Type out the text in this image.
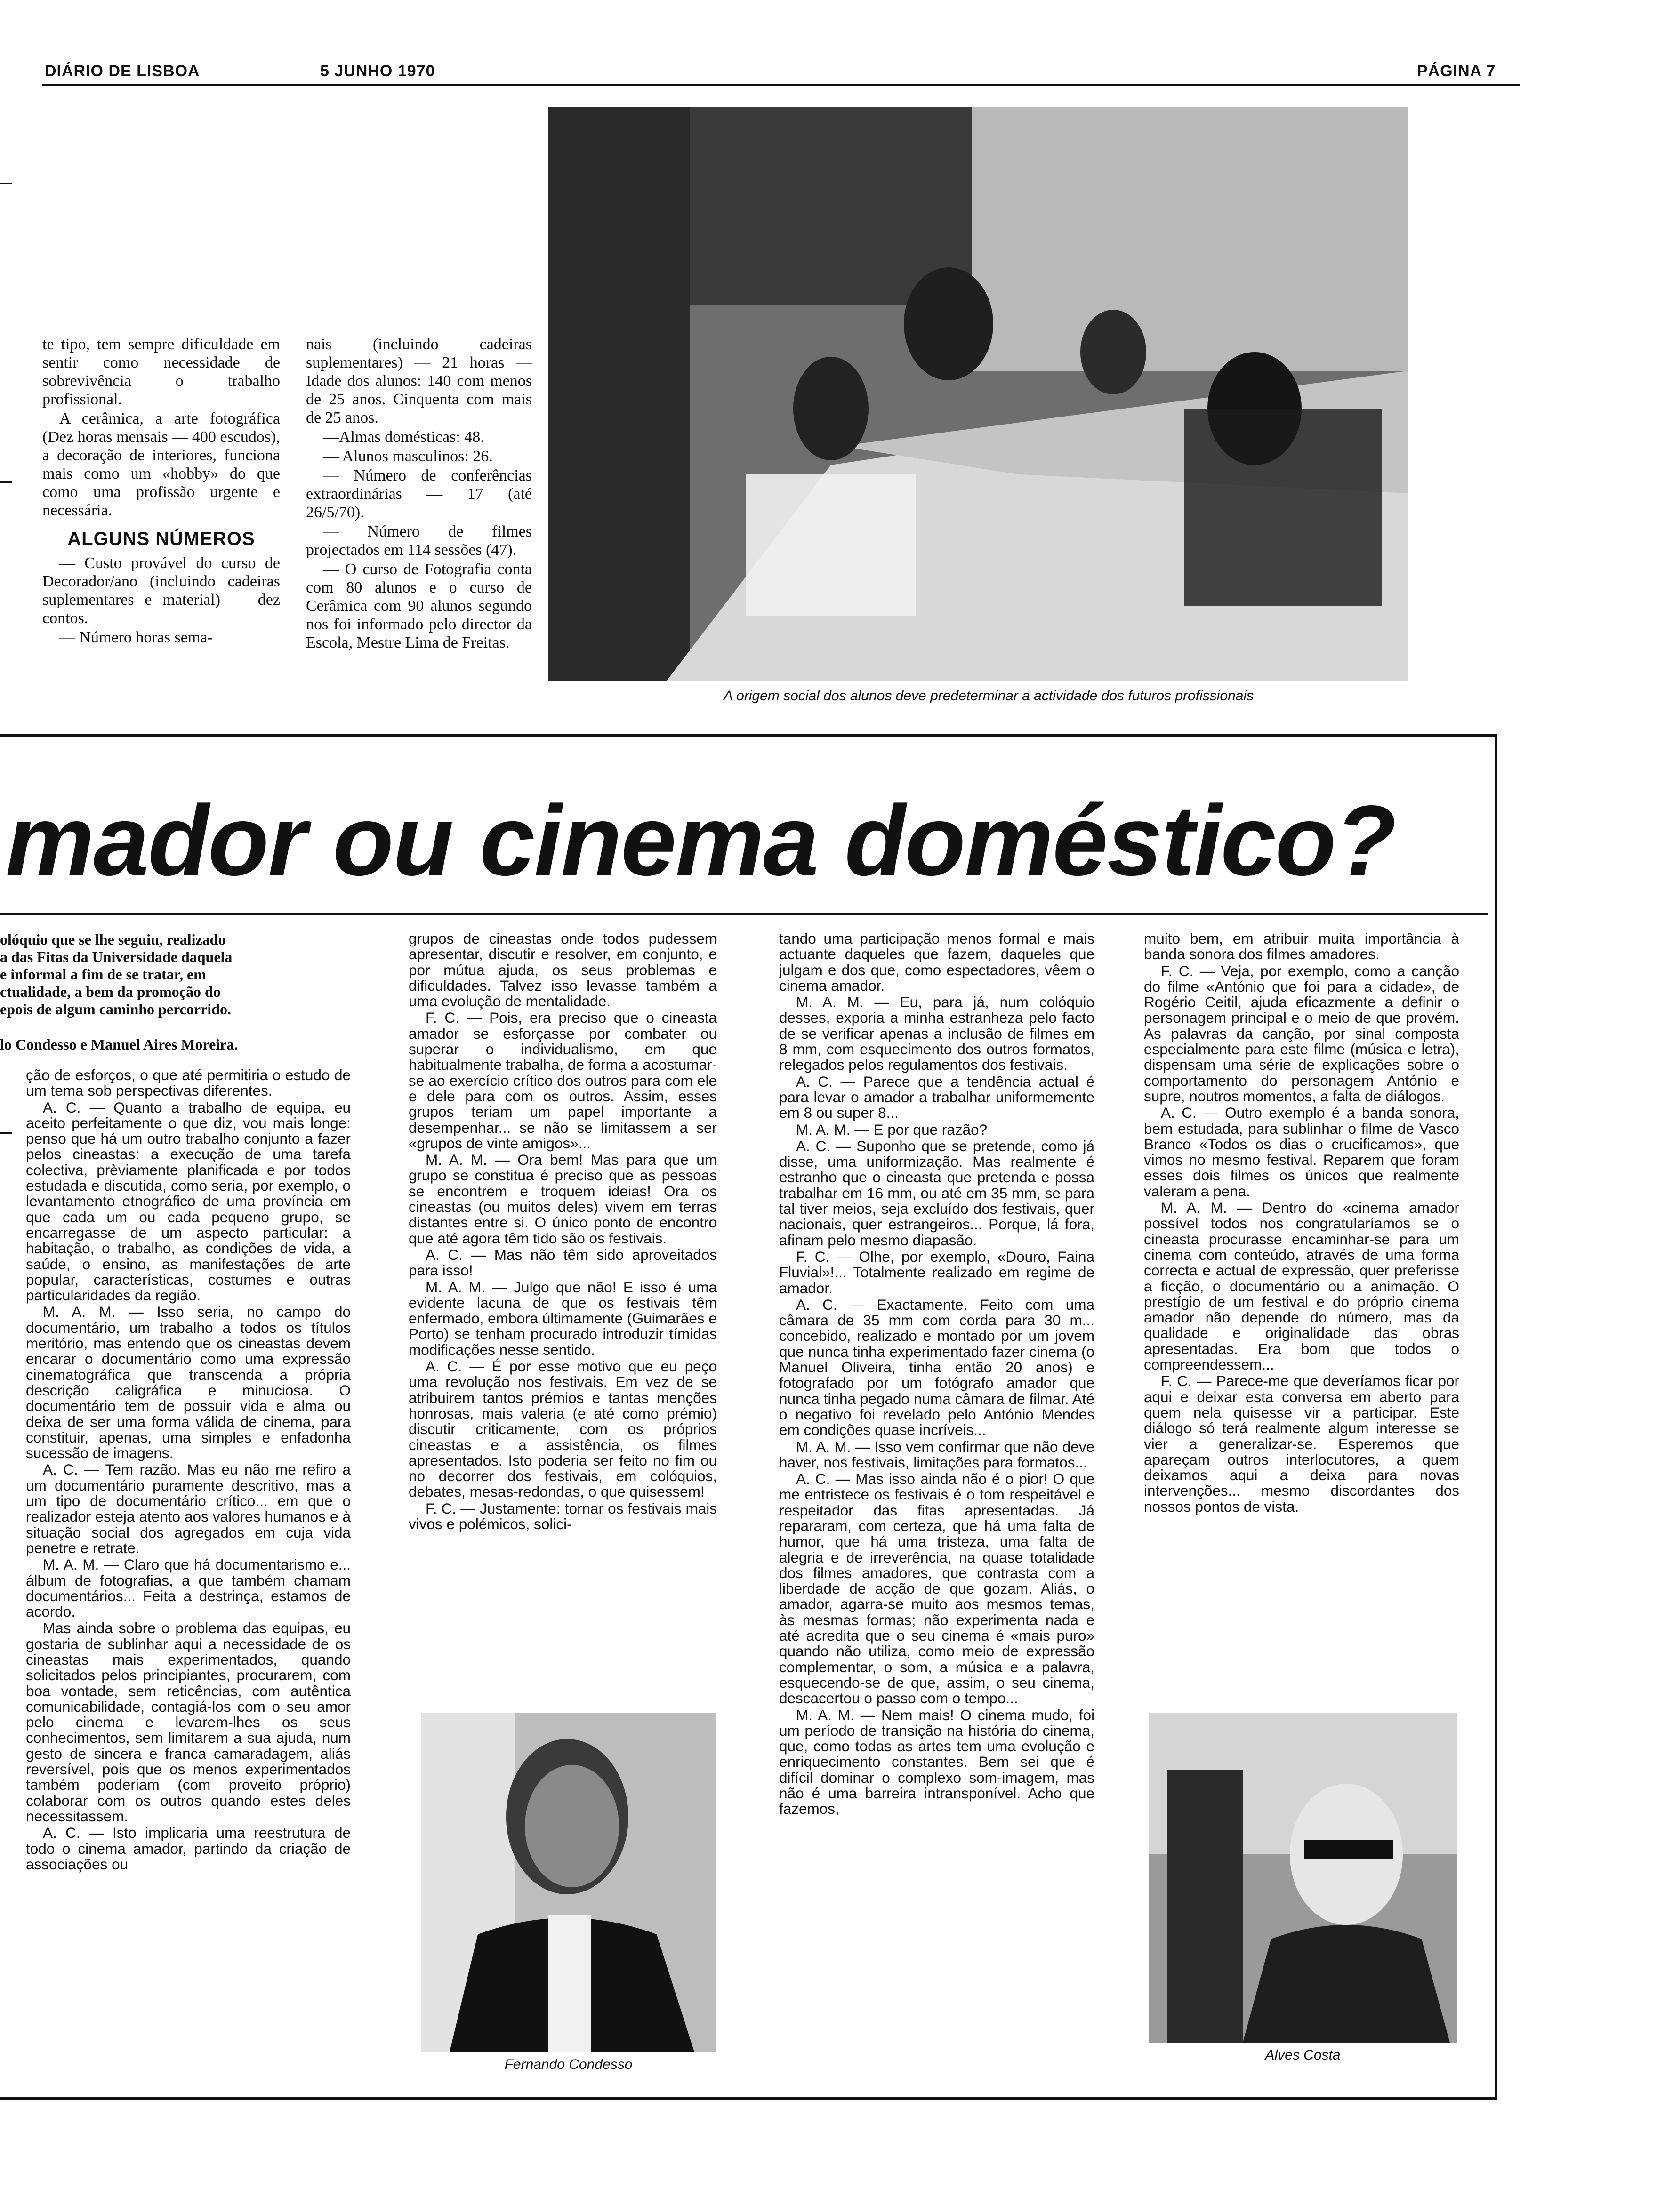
DIÁRIO DE LISBOA	5 JUNHO 1970	PÁGINA 7

te tipo, tem sempre dificuldade em sentir como necessidade de sobrevivência o trabalho profissional.

A cerâmica, a arte fotográfica (Dez horas mensais — 400 escudos), a decoração de interiores, funciona mais como um «hobby» do que como uma profissão urgente e necessária.

ALGUNS NÚMEROS

— Custo provável do curso de Decorador/ano (incluindo cadeiras suplementares e material) — dez contos.

— Número horas sema-

nais (incluindo cadeiras suplementares) — 21 horas — Idade dos alunos: 140 com menos de 25 anos. Cinquenta com mais de 25 anos.

—Almas domésticas: 48.

— Alunos masculinos: 26.

— Número de conferências extraordinárias — 17 (até 26/5/70).

— Número de filmes projectados em 114 sessões (47).

— O curso de Fotografia conta com 80 alunos e o curso de Cerâmica com 90 alunos segundo nos foi informado pelo director da Escola, Mestre Lima de Freitas.

A origem social dos alunos deve predeterminar a actividade dos futuros profissionais
mador ou cinema doméstico?
olóquio que se lhe seguiu, realizado
a das Fitas da Universidade daquela
e informal a fim de se tratar, em
ctualidade, a bem da promoção do
epois de algum caminho percorrido.
lo Condesso e Manuel Aires Moreira.

ção de esforços, o que até permitiria o estudo de um tema sob perspectivas diferentes.

A. C. — Quanto a trabalho de equipa, eu aceito perfeitamente o que diz, vou mais longe: penso que há um outro trabalho conjunto a fazer pelos cineastas: a execução de uma tarefa colectiva, prèviamente planificada e por todos estudada e discutida, como seria, por exemplo, o levantamento etnográfico de uma província em que cada um ou cada pequeno grupo, se encarregasse de um aspecto particular: a habitação, o trabalho, as condições de vida, a saúde, o ensino, as manifestações de arte popular, características, costumes e outras particularidades da região.

M. A. M. — Isso seria, no campo do documentário, um trabalho a todos os títulos meritório, mas entendo que os cineastas devem encarar o documentário como uma expressão cinematográfica que transcenda a própria descrição caligráfica e minuciosa. O documentário tem de possuir vida e alma ou deixa de ser uma forma válida de cinema, para constituir, apenas, uma simples e enfadonha sucessão de imagens.

A. C. — Tem razão. Mas eu não me refiro a um documentário puramente descritivo, mas a um tipo de documentário crítico... em que o realizador esteja atento aos valores humanos e à situação social dos agregados em cuja vida penetre e retrate.

M. A. M. — Claro que há documentarismo e... álbum de fotografias, a que também chamam documentários... Feita a destrinça, estamos de acordo.

Mas ainda sobre o problema das equipas, eu gostaria de sublinhar aqui a necessidade de os cineastas mais experimentados, quando solicitados pelos principiantes, procurarem, com boa vontade, sem reticências, com autêntica comunicabilidade, contagiá-los com o seu amor pelo cinema e levarem-lhes os seus conhecimentos, sem limitarem a sua ajuda, num gesto de sincera e franca camaradagem, aliás reversível, pois que os menos experimentados também poderiam (com proveito próprio) colaborar com os outros quando estes deles necessitassem.

A. C. — Isto implicaria uma reestrutura de todo o cinema amador, partindo da criação de associações ou

grupos de cineastas onde todos pudessem apresentar, discutir e resolver, em conjunto, e por mútua ajuda, os seus problemas e dificuldades. Talvez isso levasse também a uma evolução de mentalidade.

F. C. — Pois, era preciso que o cineasta amador se esforçasse por combater ou superar o individualismo, em que habitualmente trabalha, de forma a acostumar-se ao exercício crítico dos outros para com ele e dele para com os outros. Assim, esses grupos teriam um papel importante a desempenhar... se não se limitassem a ser «grupos de vinte amigos»...

M. A. M. — Ora bem! Mas para que um grupo se constitua é preciso que as pessoas se encontrem e troquem ideias! Ora os cineastas (ou muitos deles) vivem em terras distantes entre si. O único ponto de encontro que até agora têm tido são os festivais.

A. C. — Mas não têm sido aproveitados para isso!

M. A. M. — Julgo que não! E isso é uma evidente lacuna de que os festivais têm enfermado, embora últimamente (Guimarães e Porto) se tenham procurado introduzir tímidas modificações nesse sentido.

A. C. — É por esse motivo que eu peço uma revolução nos festivais. Em vez de se atribuirem tantos prémios e tantas menções honrosas, mais valeria (e até como prémio) discutir criticamente, com os próprios cineastas e a assistência, os filmes apresentados. Isto poderia ser feito no fim ou no decorrer dos festivais, em colóquios, debates, mesas-redondas, o que quisessem!

F. C. — Justamente: tornar os festivais mais vivos e polémicos, solici-

Fernando Condesso

tando uma participação menos formal e mais actuante daqueles que fazem, daqueles que julgam e dos que, como espectadores, vêem o cinema amador.

M. A. M. — Eu, para já, num colóquio desses, exporia a minha estranheza pelo facto de se verificar apenas a inclusão de filmes em 8 mm, com esquecimento dos outros formatos, relegados pelos regulamentos dos festivais.

A. C. — Parece que a tendência actual é para levar o amador a trabalhar uniformemente em 8 ou super 8...

M. A. M. — E por que razão?

A. C. — Suponho que se pretende, como já disse, uma uniformização. Mas realmente é estranho que o cineasta que pretenda e possa trabalhar em 16 mm, ou até em 35 mm, se para tal tiver meios, seja excluído dos festivais, quer nacionais, quer estrangeiros... Porque, lá fora, afinam pelo mesmo diapasão.

F. C. — Olhe, por exemplo, «Douro, Faina Fluvial»!... Totalmente realizado em regime de amador.

A. C. — Exactamente. Feito com uma câmara de 35 mm com corda para 30 m... concebido, realizado e montado por um jovem que nunca tinha experimentado fazer cinema (o Manuel Oliveira, tinha então 20 anos) e fotografado por um fotógrafo amador que nunca tinha pegado numa câmara de filmar. Até o negativo foi revelado pelo António Mendes em condições quase incríveis...

M. A. M. — Isso vem confirmar que não deve haver, nos festivais, limitações para formatos...

A. C. — Mas isso ainda não é o pior! O que me entristece os festivais é o tom respeitável e respeitador das fitas apresentadas. Já repararam, com certeza, que há uma falta de humor, que há uma tristeza, uma falta de alegria e de irreverência, na quase totalidade dos filmes amadores, que contrasta com a liberdade de acção de que gozam. Aliás, o amador, agarra-se muito aos mesmos temas, às mesmas formas; não experimenta nada e até acredita que o seu cinema é «mais puro» quando não utiliza, como meio de expressão complementar, o som, a música e a palavra, esquecendo-se de que, assim, o seu cinema, descacertou o passo com o tempo...

M. A. M. — Nem mais! O cinema mudo, foi um período de transição na história do cinema, que, como todas as artes tem uma evolução e enriquecimento constantes. Bem sei que é difícil dominar o complexo som-imagem, mas não é uma barreira intransponível. Acho que fazemos,

muito bem, em atribuir muita importância à banda sonora dos filmes amadores.

F. C. — Veja, por exemplo, como a canção do filme «António que foi para a cidade», de Rogério Ceitil, ajuda eficazmente a definir o personagem principal e o meio de que provém. As palavras da canção, por sinal composta especialmente para este filme (música e letra), dispensam uma série de explicações sobre o comportamento do personagem António e supre, noutros momentos, a falta de diálogos.

A. C. — Outro exemplo é a banda sonora, bem estudada, para sublinhar o filme de Vasco Branco «Todos os dias o crucificamos», que vimos no mesmo festival. Reparem que foram esses dois filmes os únicos que realmente valeram a pena.

M. A. M. — Dentro do «cinema amador possível todos nos congratularíamos se o cineasta procurasse encaminhar-se para um cinema com conteúdo, através de uma forma correcta e actual de expressão, quer preferisse a ficção, o documentário ou a animação. O prestígio de um festival e do próprio cinema amador não depende do número, mas da qualidade e originalidade das obras apresentadas. Era bom que todos o compreendessem...

F. C. — Parece-me que deveríamos ficar por aqui e deixar esta conversa em aberto para quem nela quisesse vir a participar. Este diálogo só terá realmente algum interesse se vier a generalizar-se. Esperemos que apareçam outros interlocutores, a quem deixamos aqui a deixa para novas intervenções... mesmo discordantes dos nossos pontos de vista.

Alves Costa
